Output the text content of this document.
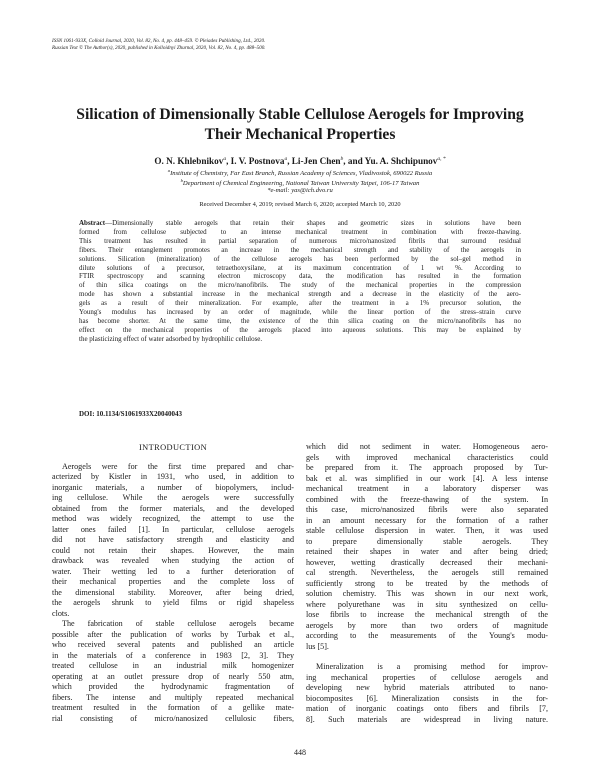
ISSN 1061-933X, Colloid Journal, 2020, Vol. 82, No. 4, pp. 448–459. © Pleiades Publishing, Ltd., 2020.
Russian Text © The Author(s), 2020, published in Kolloidnyi Zhurnal, 2020, Vol. 82, No. 4, pp. 488–500.
Silication of Dimensionally Stable Cellulose Aerogels for Improving
Their Mechanical Properties
O. N. Khlebnikov$^a$, I. V. Postnova$^a$, Li-Jen Chen$^b$, and Yu. A. Shchipunov$^{a, *}$
$^a$Institute of Chemistry, Far East Branch, Russian Academy of Sciences, Vladivostok, 690022 Russia
$^b$Department of Chemical Engineering, National Taiwan University Taipei, 106-17 Taiwan
*e-mail: yas@ich.dvo.ru
Received December 4, 2019; revised March 6, 2020; accepted March 10, 2020
Abstract—Dimensionally stable aerogels that retain their shapes and geometric sizes in solutions have been
formed from cellulose subjected to an intense mechanical treatment in combination with freeze-thawing.
This treatment has resulted in partial separation of numerous micro/nanosized fibrils that surround residual
fibers. Their entanglement promotes an increase in the mechanical strength and stability of the aerogels in
solutions. Silication (mineralization) of the cellulose aerogels has been performed by the sol–gel method in
dilute solutions of a precursor, tetraethoxysilane, at its maximum concentration of 1 wt %. According to
FTIR spectroscopy and scanning electron microscopy data, the modification has resulted in the formation
of thin silica coatings on the micro/nanofibrils. The study of the mechanical properties in the compression
mode has shown a substantial increase in the mechanical strength and a decrease in the elasticity of the aero-
gels as a result of their mineralization. For example, after the treatment in a 1% precursor solution, the
Young's modulus has increased by an order of magnitude, while the linear portion of the stress–strain curve
has become shorter. At the same time, the existence of the thin silica coating on the micro/nanofibrils has no
effect on the mechanical properties of the aerogels placed into aqueous solutions. This may be explained by
the plasticizing effect of water adsorbed by hydrophilic cellulose.
DOI: 10.1134/S1061933X20040043
INTRODUCTION
Aerogels were for the first time prepared and char-
acterized by Kistler in 1931, who used, in addition to
inorganic materials, a number of biopolymers, includ-
ing cellulose. While the aerogels were successfully
obtained from the former materials, and the developed
method was widely recognized, the attempt to use the
latter ones failed [1]. In particular, cellulose aerogels
did not have satisfactory strength and elasticity and
could not retain their shapes. However, the main
drawback was revealed when studying the action of
water. Their wetting led to a further deterioration of
their mechanical properties and the complete loss of
the dimensional stability. Moreover, after being dried,
the aerogels shrunk to yield films or rigid shapeless
clots.
The fabrication of stable cellulose aerogels became
possible after the publication of works by Turbak et al.,
who received several patents and published an article
in the materials of a conference in 1983 [2, 3]. They
treated cellulose in an industrial milk homogenizer
operating at an outlet pressure drop of nearly 550 atm,
which provided the hydrodynamic fragmentation of
fibers. The intense and multiply repeated mechanical
treatment resulted in the formation of a gellike mate-
rial consisting of micro/nanosized cellulosic fibers,
which did not sediment in water. Homogeneous aero-
gels with improved mechanical characteristics could
be prepared from it. The approach proposed by Tur-
bak et al. was simplified in our work [4]. A less intense
mechanical treatment in a laboratory disperser was
combined with the freeze-thawing of the system. In
this case, micro/nanosized fibrils were also separated
in an amount necessary for the formation of a rather
stable cellulose dispersion in water. Then, it was used
to prepare dimensionally stable aerogels. They
retained their shapes in water and after being dried;
however, wetting drastically decreased their mechani-
cal strength. Nevertheless, the aerogels still remained
sufficiently strong to be treated by the methods of
solution chemistry. This was shown in our next work,
where polyurethane was in situ synthesized on cellu-
lose fibrils to increase the mechanical strength of the
aerogels by more than two orders of magnitude
according to the measurements of the Young's modu-
lus [5].
Mineralization is a promising method for improv-
ing mechanical properties of cellulose aerogels and
developing new hybrid materials attributed to nano-
biocomposites [6]. Mineralization consists in the for-
mation of inorganic coatings onto fibers and fibrils [7,
8]. Such materials are widespread in living nature.
448
